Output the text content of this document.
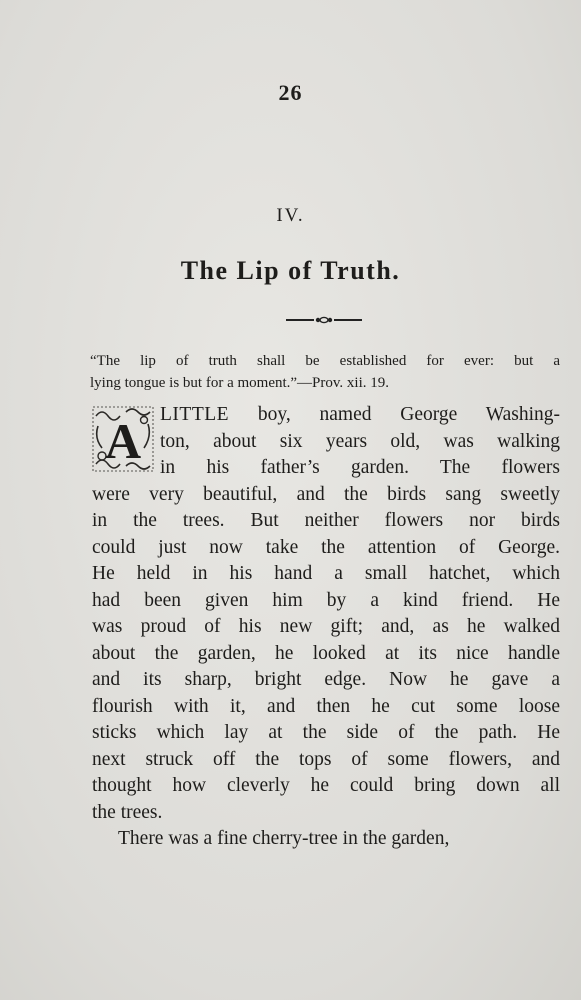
26
IV.
The Lip of Truth.
“The lip of truth shall be established for ever: but a
lying tongue is but for a moment.”—Prov. xii. 19.
A LITTLE boy, named George Washing-
ton, about six years old, was walking
in his father’s garden. The flowers
were very beautiful, and the birds sang sweetly
in the trees. But neither flowers nor birds
could just now take the attention of George.
He held in his hand a small hatchet, which
had been given him by a kind friend. He
was proud of his new gift; and, as he walked
about the garden, he looked at its nice handle
and its sharp, bright edge. Now he gave a
flourish with it, and then he cut some loose
sticks which lay at the side of the path. He
next struck off the tops of some flowers, and
thought how cleverly he could bring down all
the trees.
There was a fine cherry-tree in the garden,
